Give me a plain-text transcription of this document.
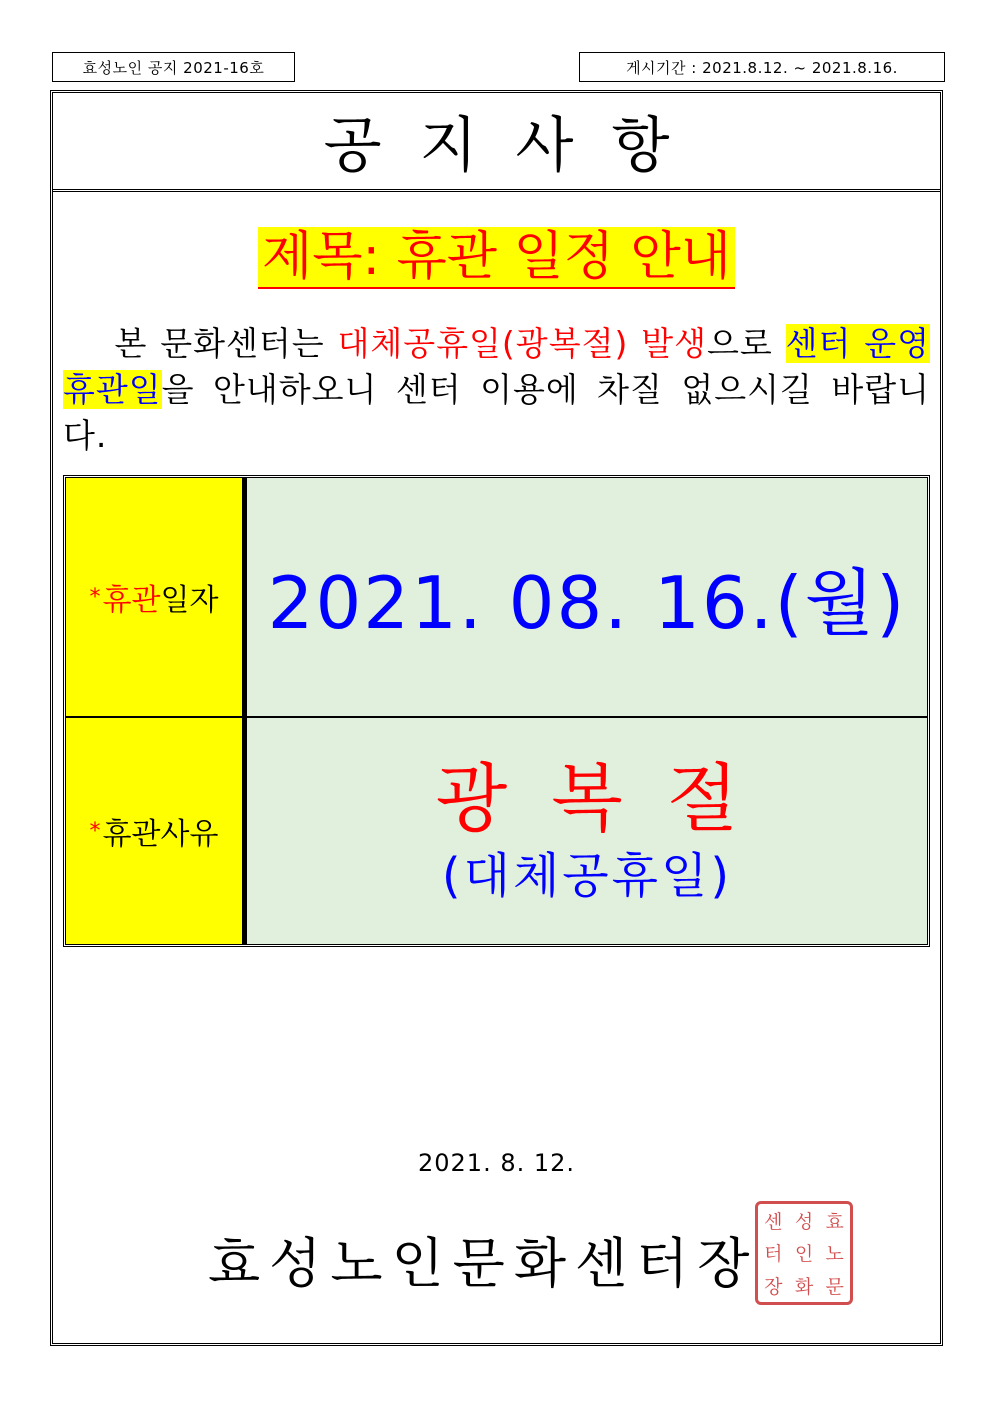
효성노인 공지 2021-16호	게시기간 : 2021.8.12. ~ 2021.8.16.
공지사항
제목: 휴관 일정 안내
본 문화센터는 대체공휴일(광복절) 발생으로 센터 운영 휴관일을 안내하오니 센터 이용에 차질 없으시길 바랍니다.
* 휴관 일자 2021. 08. 16.(월)
* 휴관사유	광복절
(대체공휴일)
2021. 8. 12.
효성노인문화센터장
센 성 효
터 인 노
장 화 문
